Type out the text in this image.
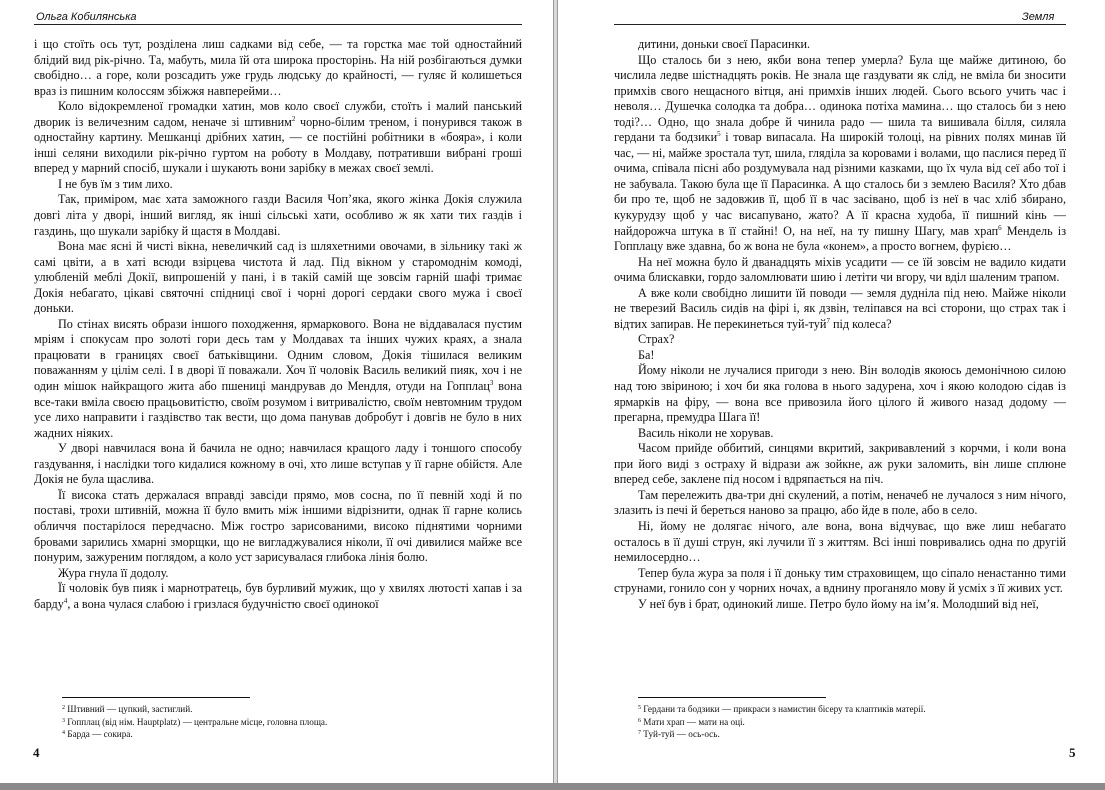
Ольга Кобилянська

і що стоїть ось тут, розділена лиш садками від себе, — та горстка має той одностайний блідий вид рік-річно. Та, мабуть, мила їй ота широка просторінь. На ній розбігаються думки свобідно… а горе, коли розсадить уже грудь людську до крайності, — гуляє й колишеться враз із пишним колоссям збіжжя навперейми…

Коло відокремленої громадки хатин, мов коло своєї служби, стоїть і малий панський дворик із величезним садом, неначе зі штивним$^2$ чорно-білим треном, і понурився також в одностайну картину. Мешканці дрібних хатин, — се постійні робітники в «бояра», і коли інші селяни виходили рік-річно гуртом на роботу в Молдаву, потративши вибрані гроші вперед у марний спосіб, шукали і шукають вони зарібку в межах своєї землі.

І не був їм з тим лихо.

Так, приміром, має хата заможного газди Василя Чоп’яка, якого жінка Докія служила довгі літа у дворі, інший вигляд, як інші сільські хати, особливо ж як хати тих газдів і газдинь, що шукали зарібку й щастя в Молдаві.

Вона має ясні й чисті вікна, невеличкий сад із шляхетними овочами, в зільнику такі ж самі цвіти, а в хаті всюди взірцева чистота й лад. Під вікном у старомоднім комоді, улюбленій меблі Докії, випрошеній у пані, і в такій самій ще зовсім гарній шафі тримає Докія небагато, цікаві святочні спідниці свої і чорні дорогі сердаки свого мужа і своєї доньки.

По стінах висять образи іншого походження, ярмаркового. Вона не віддавалася пустим мріям і спокусам про золоті гори десь там у Молдавах та інших чужих краях, а знала працювати в границях своєї батьківщини. Одним словом, Докія тішилася великим поважанням у цілім селі. І в дворі її поважали. Хоч її чоловік Василь великий пияк, хоч і не один мішок найкращого жита або пшениці мандрував до Мендля, отуди на Гопплац$^3$ вона все-таки вміла своєю працьовитістю, своїм розумом і витривалістю, своїм невтомним трудом усе лихо направити і газдівство так вести, що дома панував добробут і довгів не було в них жадних ніяких.

У дворі навчилася вона й бачила не одно; навчилася кращого ладу і тоншого способу газдування, і наслідки того кидалися кожному в очі, хто лише вступав у її гарне обійстя. Але Докія не була щаслива.

Її висока стать держалася вправді завсіди прямо, мов сосна, по її певній ході й по поставі, трохи штивній, можна її було вмить між іншими відрізнити, однак її гарне колись обличчя постарілося передчасно. Між гостро зарисованими, високо піднятими чорними бровами зарились хмарні зморщки, що не вигладжувалися ніколи, її очі дивилися майже все понурим, зажуреним поглядом, а коло уст зарисувалася глибока лінія болю.

Жура гнула її додолу.

Її чоловік був пияк і марнотратець, був бурливий мужик, що у хвилях лютості хапав і за барду$^4$, а вона чулася слабою і гризлася будучністю своєї одинокої

$^2$ Штивний — цупкий, застиглий.

$^3$ Гопплац (від нім. Hauptplatz) — центральне місце, головна площа.

$^4$ Барда — сокира.

4
Земля

дитини, доньки своєї Парасинки.

Що сталось би з нею, якби вона тепер умерла? Була ще майже дитиною, бо числила ледве шістнадцять років. Не знала ще газдувати як слід, не вміла би зносити примхів свого нещасного вітця, ані примхів інших людей. Сього всього учить час і неволя… Душечка солодка та добра… одинока потіха мамина… що сталось би з нею тоді?… Одно, що знала добре й чинила радо — шила та вишивала білля, силяла гердани та бодзики$^5$ і товар випасала. На широкій толоці, на рівних полях минав їй час, — ні, майже зростала тут, шила, гляділа за коровами і волами, що паслися перед її очима, співала пісні або роздумувала над різними казками, що їх чула від сеї або тої і не забувала. Такою була ще її Парасинка. А що сталось би з землею Василя? Хто дбав би про те, щоб не задовжив її, щоб її в час засівано, щоб із неї в час хліб збирано, кукурудзу щоб у час висапувано, жато? А її красна худоба, її пишний кінь — найдорожча штука в її стайні! О, на неї, на ту пишну Шагу, мав храп$^6$ Мендель із Гопплацу вже здавна, бо ж вона не була «конем», а просто вогнем, фурією…

На неї можна було й дванадцять міхів усадити — се їй зовсім не вадило кидати очима блискавки, гордо заломлювати шию і летіти чи вгору, чи вділ шаленим трапом.

А вже коли свобідно лишити їй поводи — земля дудніла під нею. Майже ніколи не тверезий Василь сидів на фірі і, як дзвін, теліпався на всі сторони, що страх так і відтих запирав. Не перекинеться туй-туй$^7$ під колеса?

Страх?

Ба!

Йому ніколи не лучалися пригоди з нею. Він володів якоюсь демонічною силою над тою звіриною; і хоч би яка голова в нього задурена, хоч і якою колодою сідав із ярмарків на фіру, — вона все привозила його цілого й живого назад додому — прегарна, премудра Шага її!

Василь ніколи не хорував.

Часом прийде оббитий, синцями вкритий, закривавлений з корчми, і коли вона при його виді з остраху й відрази аж зойкне, аж руки заломить, він лише сплюне вперед себе, заклене під носом і вдряпається на піч.

Там перележить два-три дні скулений, а потім, неначеб не лучалося з ним нічого, злазить із печі й береться наново за працю, або йде в поле, або в село.

Ні, йому не долягає нічого, але вона, вона відчуває, що вже лиш небагато осталось в її душі струн, які лучили її з життям. Всі інші повривались одна по другій немилосердно…

Тепер була жура за поля і її доньку тим страховищем, що сіпало ненастанно тими струнами, гонило сон у чорних ночах, а вднину проганяло мову й усміх з її живих уст.

У неї був і брат, одинокий лише. Петро було йому на ім’я. Молодший від неї,

$^5$ Гердани та бодзики — прикраси з намистин бісеру та клаптиків матерії.

$^6$ Мати храп — мати на оці.

$^7$ Туй-туй — ось-ось.

5
